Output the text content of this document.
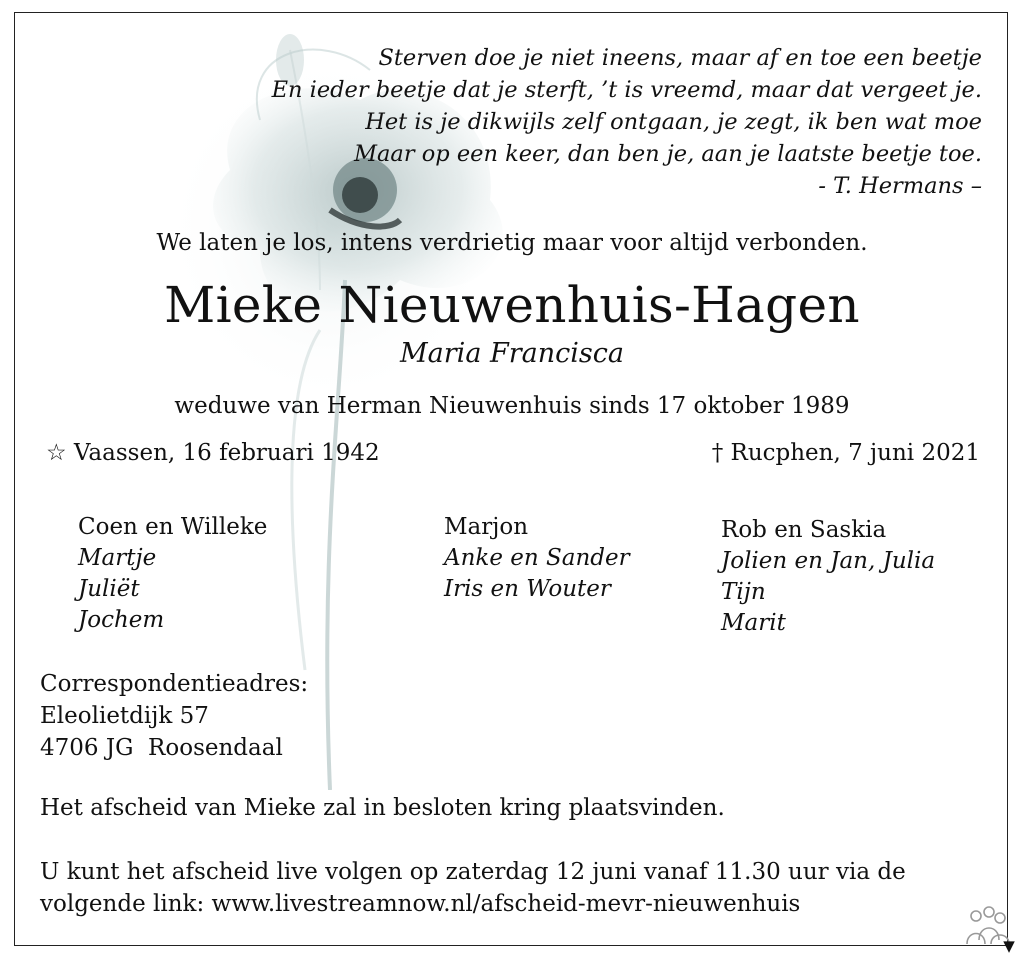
Sterven doe je niet ineens, maar af en toe een beetje
En ieder beetje dat je sterft, ’t is vreemd, maar dat vergeet je.
Het is je dikwijls zelf ontgaan, je zegt, ik ben wat moe
Maar op een keer, dan ben je, aan je laatste beetje toe.
- T. Hermans –
We laten je los, intens verdrietig maar voor altijd verbonden.
Mieke Nieuwenhuis-Hagen
Maria Francisca
weduwe van Herman Nieuwenhuis sinds 17 oktober 1989
☆ Vaassen, 16 februari 1942	† Rucphen, 7 juni 2021
Coen en Willeke
Martje
Juliët
Jochem
Marjon
Anke en Sander
Iris en Wouter
Rob en Saskia
Jolien en Jan, Julia
Tijn
Marit
Correspondentieadres:
Eleolietdijk 57
4706 JG  Roosendaal
Het afscheid van Mieke zal in besloten kring plaatsvinden.
U kunt het afscheid live volgen op zaterdag 12 juni vanaf 11.30 uur via de
volgende link: www.livestreamnow.nl/afscheid-mevr-nieuwenhuis
▼
